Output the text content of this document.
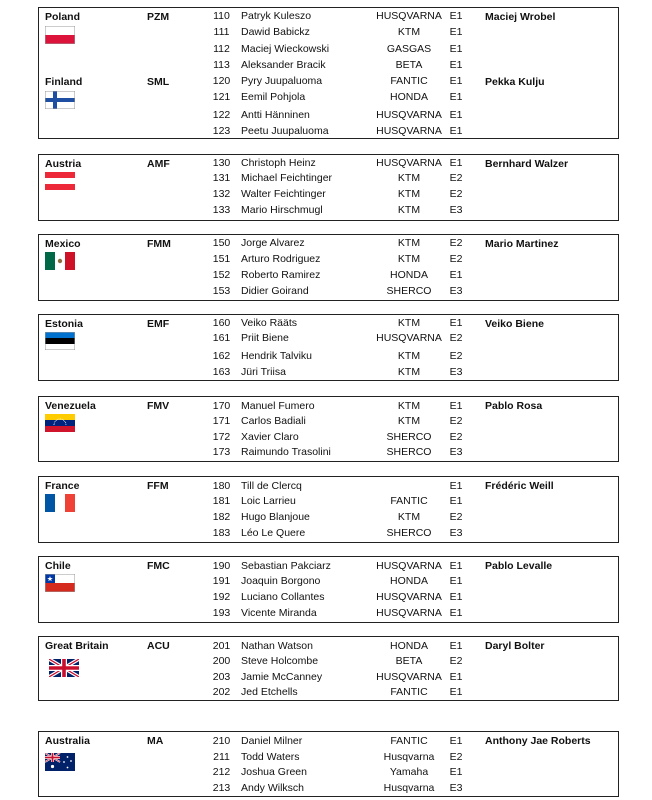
Poland	PZM	Maciej Wrobel
110	Patryk Kuleszo	HUSQVARNA E1
111	Dawid Babickz	KTM	E1
112	Maciej Wieckowski	GASGAS	E1
113	Aleksander Bracik	BETA	E1
Finland	SML	Pekka Kulju
120	Pyry Juupaluoma	FANTIC	E1
121	Eemil Pohjola	HONDA	E1
122	Antti Hänninen	HUSQVARNA E1
123	Peetu Juupaluoma	HUSQVARNA E1
Austria	AMF	Bernhard Walzer
130	Christoph Heinz	HUSQVARNA E1
131	Michael Feichtinger	KTM	E2
132	Walter Feichtinger	KTM	E2
133	Mario Hirschmugl	KTM	E3
Mexico	FMM	Mario Martinez
150	Jorge Alvarez	KTM	E2
151	Arturo Rodriguez	KTM	E2
152	Roberto Ramirez	HONDA	E1
153	Didier Goirand	SHERCO	E3
Estonia	EMF	Veiko Biene
160	Veiko Rääts	KTM	E1
161	Priit Biene	HUSQVARNA E2
162	Hendrik Talviku	KTM	E2
163	Jüri Triisa	KTM	E3
Venezuela	FMV	Pablo Rosa
170	Manuel Fumero	KTM	E1
171	Carlos Badiali	KTM	E2
172	Xavier Claro	SHERCO	E2
173	Raimundo Trasolini	SHERCO	E3
France	FFM	Frédéric Weill
180	Till de Clercq	E1
181	Loic Larrieu	FANTIC	E1
182	Hugo Blanjoue	KTM	E2
183	Léo Le Quere	SHERCO	E3
Chile	FMC	Pablo Levalle
190	Sebastian Pakciarz	HUSQVARNA E1
191	Joaquin Borgono	HONDA	E1
192	Luciano Collantes	HUSQVARNA E1
193	Vicente Miranda	HUSQVARNA E1
Great Britain	ACU	Daryl Bolter
201	Nathan Watson	HONDA	E1
200	Steve Holcombe	BETA	E2
203	Jamie McCanney	HUSQVARNA E1
202	Jed Etchells	FANTIC	E1
Australia	MA	Anthony Jae Roberts
210	Daniel Milner	FANTIC	E1
211	Todd Waters	Husqvarna	E2
212	Joshua Green	Yamaha	E1
213	Andy Wilksch	Husqvarna	E3
